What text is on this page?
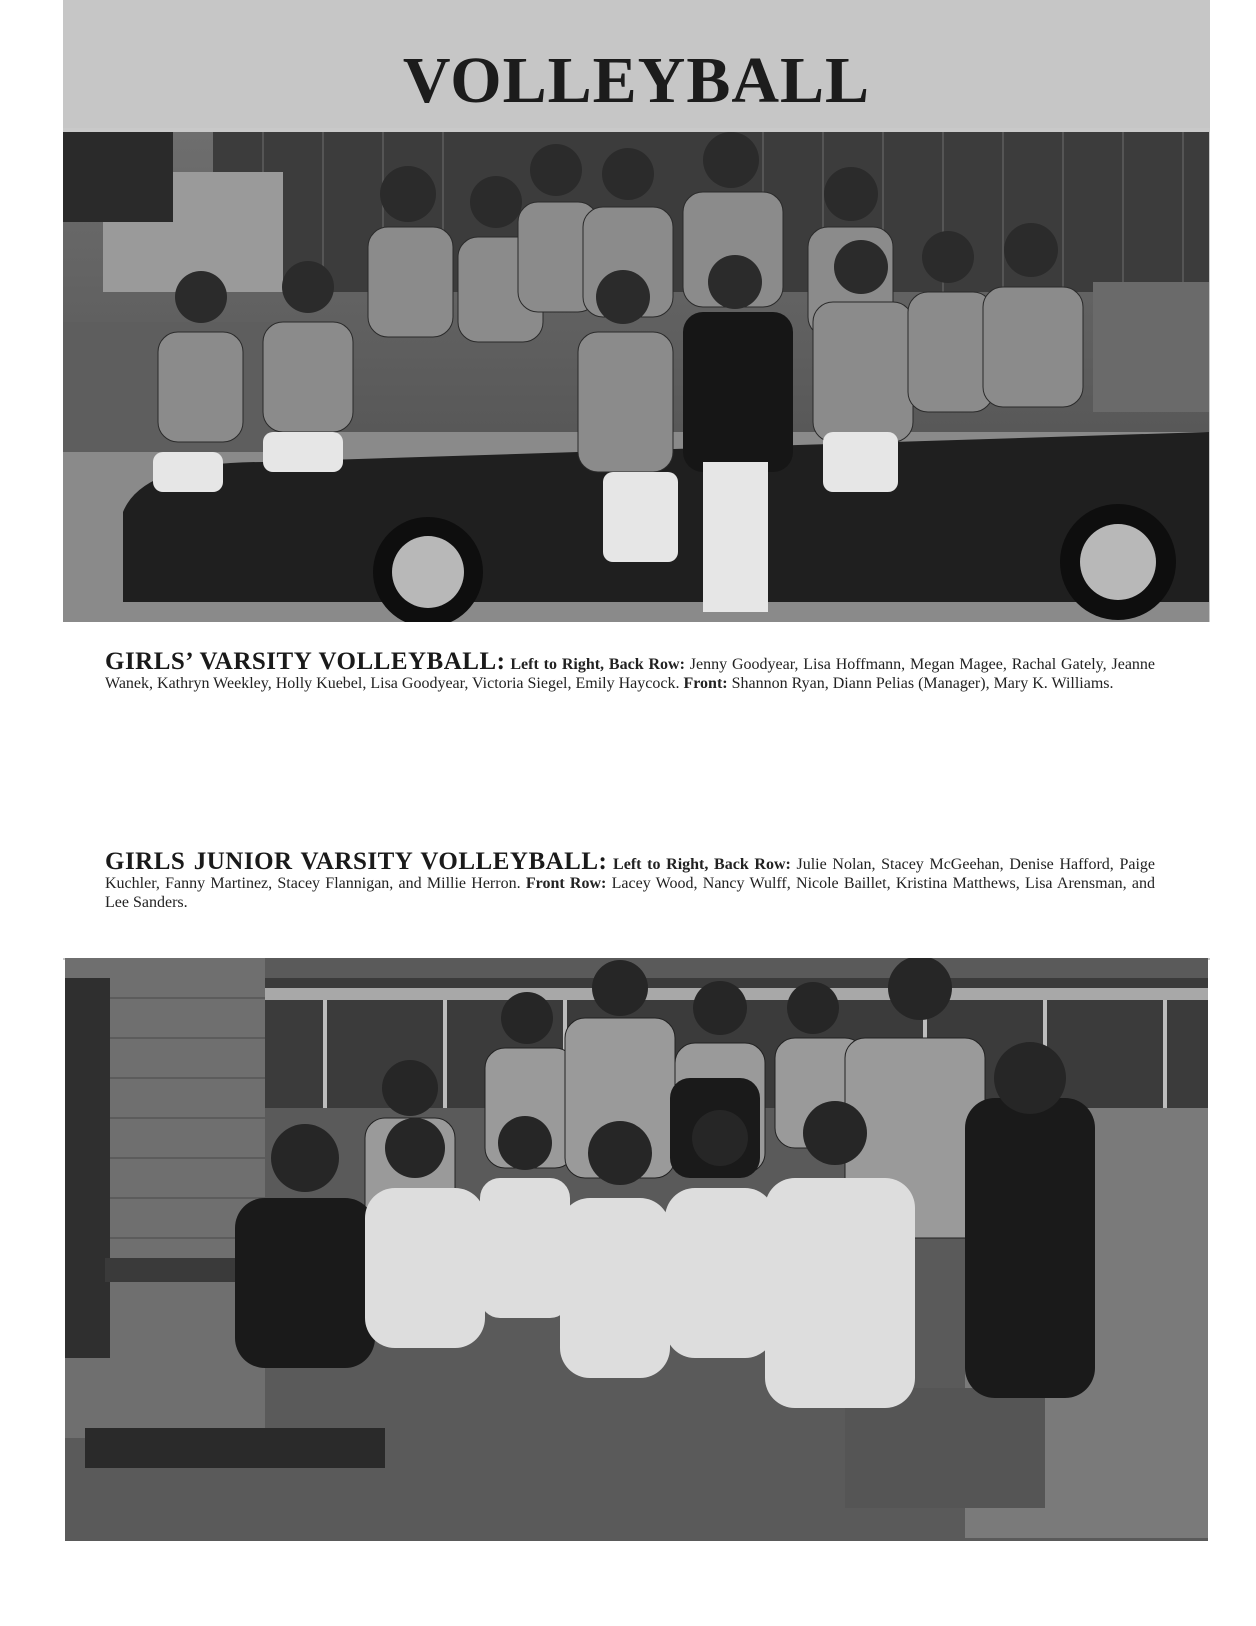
VOLLEYBALL
GIRLS’ VARSITY VOLLEYBALL: Left to Right, Back Row: Jenny Goodyear, Lisa Hoffmann, Megan Magee, Rachal Gately, Jeanne Wanek, Kathryn Weekley, Holly Kuebel, Lisa Goodyear, Victoria Siegel, Emily Haycock. Front: Shannon Ryan, Diann Pelias (Manager), Mary K. Williams.
GIRLS JUNIOR VARSITY VOLLEYBALL: Left to Right, Back Row: Julie Nolan, Stacey McGeehan, Denise Hafford, Paige Kuchler, Fanny Martinez, Stacey Flannigan, and Millie Herron. Front Row: Lacey Wood, Nancy Wulff, Nicole Baillet, Kristina Matthews, Lisa Arensman, and Lee Sanders.
